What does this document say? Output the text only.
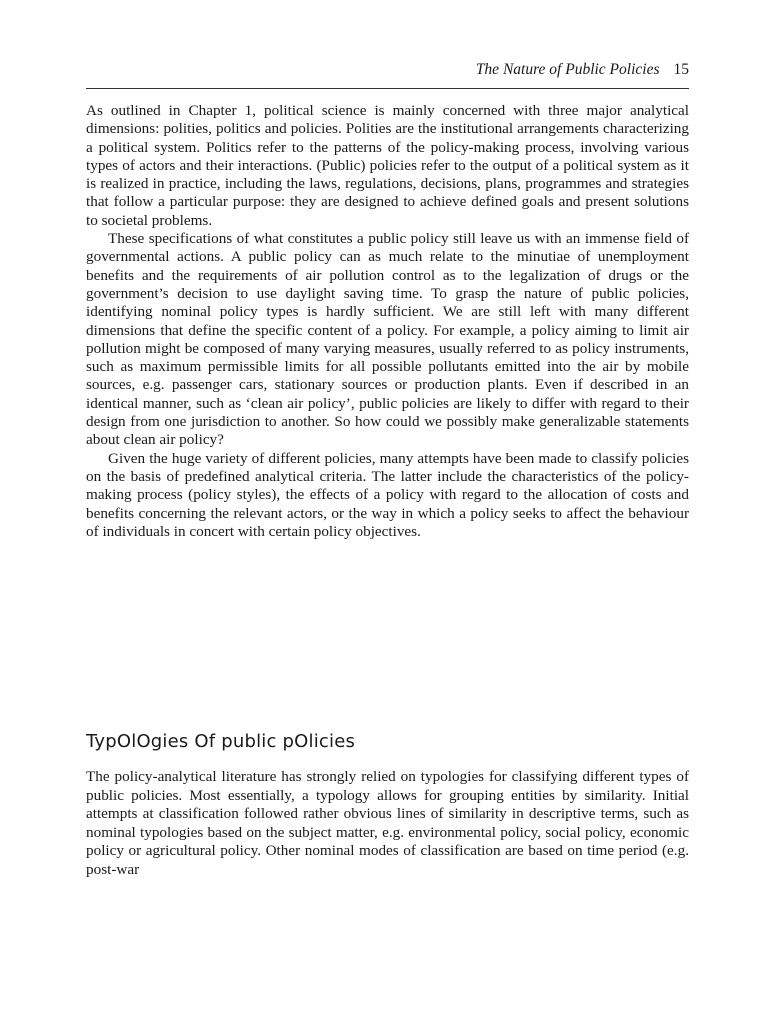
The Nature of Public Policies 15

As outlined in Chapter 1, political science is mainly concerned with three major analytical dimensions: polities, politics and policies. Polities are the institutional arrangements characterizing a political system. Politics refer to the patterns of the policy-making process, involving various types of actors and their interactions. (Public) policies refer to the output of a political system as it is realized in practice, including the laws, regulations, decisions, plans, programmes and strategies that follow a particular purpose: they are designed to achieve defined goals and present solutions to societal problems.

These specifications of what constitutes a public policy still leave us with an immense field of governmental actions. A public policy can as much relate to the minutiae of unemployment benefits and the requirements of air pollution control as to the legalization of drugs or the government’s decision to use daylight saving time. To grasp the nature of public policies, identifying nominal policy types is hardly sufficient. We are still left with many different dimensions that define the specific content of a policy. For example, a policy aiming to limit air pollution might be composed of many varying measures, usually referred to as policy instruments, such as maximum permissible limits for all possible pollutants emitted into the air by mobile sources, e.g. passenger cars, stationary sources or production plants. Even if described in an identical manner, such as ‘clean air policy’, public policies are likely to differ with regard to their design from one jurisdiction to another. So how could we possibly make generalizable statements about clean air policy?

Given the huge variety of different policies, many attempts have been made to classify policies on the basis of predefined analytical criteria. The latter include the characteristics of the policy-making process (policy styles), the effects of a policy with regard to the allocation of costs and benefits concerning the relevant actors, or the way in which a policy seeks to affect the behaviour of individuals in concert with certain policy objectives.

TypOlOgies Of public pOlicies

The policy-analytical literature has strongly relied on typologies for classifying different types of public policies. Most essentially, a typology allows for grouping entities by similarity. Initial attempts at classification followed rather obvious lines of similarity in descriptive terms, such as nominal typologies based on the subject matter, e.g. environmental policy, social policy, economic policy or agricultural policy. Other nominal modes of classification are based on time period (e.g. post-war
